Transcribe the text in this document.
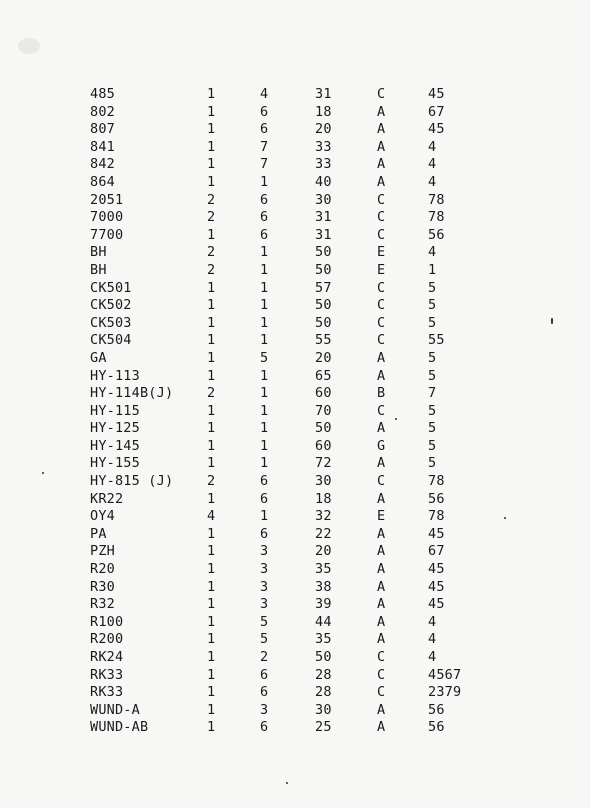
485	1	4	31	C	45
802	1	6	18	A	67
807	1	6	20	A	45
841	1	7	33	A	4
842	1	7	33	A	4
864	1	1	40	A	4
2051	2	6	30	C	78
7000	2	6	31	C	78
7700	1	6	31	C	56
BH	2	1	50	E	4
BH	2	1	50	E	1
CK501	1	1	57	C	5
CK502	1	1	50	C	5
CK503	1	1	50	C	5
CK504	1	1	55	C	55
GA	1	5	20	A	5
HY-113	1	1	65	A	5
HY-114B(J) 2	1	60	B	7
HY-115	1	1	70	C	5
HY-125	1	1	50	A	5
HY-145	1	1	60	G	5
HY-155	1	1	72	A	5
HY-815 (J) 2	6	30	C	78
KR22	1	6	18	A	56
OY4	4	1	32	E	78
PA	1	6	22	A	45
PZH	1	3	20	A	67
R20	1	3	35	A	45
R30	1	3	38	A	45
R32	1	3	39	A	45
R100	1	5	44	A	4
R200	1	5	35	A	4
RK24	1	2	50	C	4
RK33	1	6	28	C	4567
RK33	1	6	28	C	2379
WUND-A	1	3	30	A	56
WUND-AB	1	6	25	A	56
